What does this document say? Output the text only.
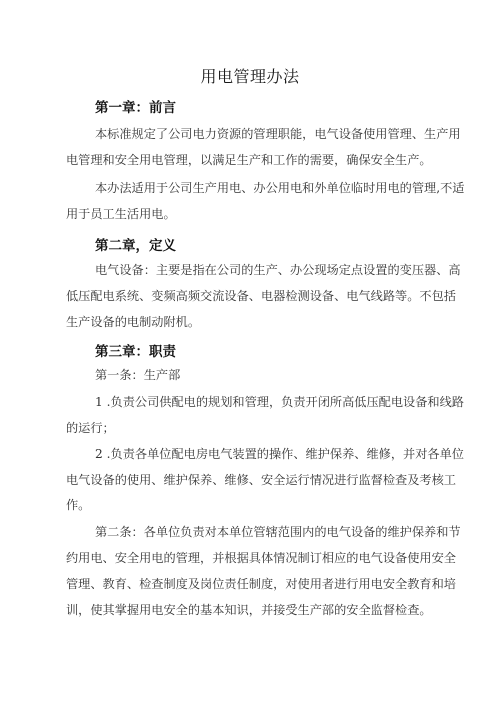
用电管理办法
第一章：前言
本标准规定了公司电力资源的管理职能，电气设备使用管理、生产用
电管理和安全用电管理，以满足生产和工作的需要，确保安全生产。
本办法适用于公司生产用电、办公用电和外单位临时用电的管理,不适
用于员工生活用电。
第二章，定义
电气设备：主要是指在公司的生产、办公现场定点设置的变压器、高
低压配电系统、变频高频交流设备、电器检测设备、电气线路等。不包括
生产设备的电制动附机。
第三章：职责
第一条：生产部
1 .负责公司供配电的规划和管理，负责开闭所高低压配电设备和线路
的运行；
2 .负责各单位配电房电气装置的操作、维护保养、维修，并对各单位
电气设备的使用、维护保养、维修、安全运行情况进行监督检查及考核工
作。
第二条：各单位负责对本单位管辖范围内的电气设备的维护保养和节
约用电、安全用电的管理，并根据具体情况制订相应的电气设备使用安全
管理、教育、检查制度及岗位责任制度，对使用者进行用电安全教育和培
训，使其掌握用电安全的基本知识，并接受生产部的安全监督检查。
